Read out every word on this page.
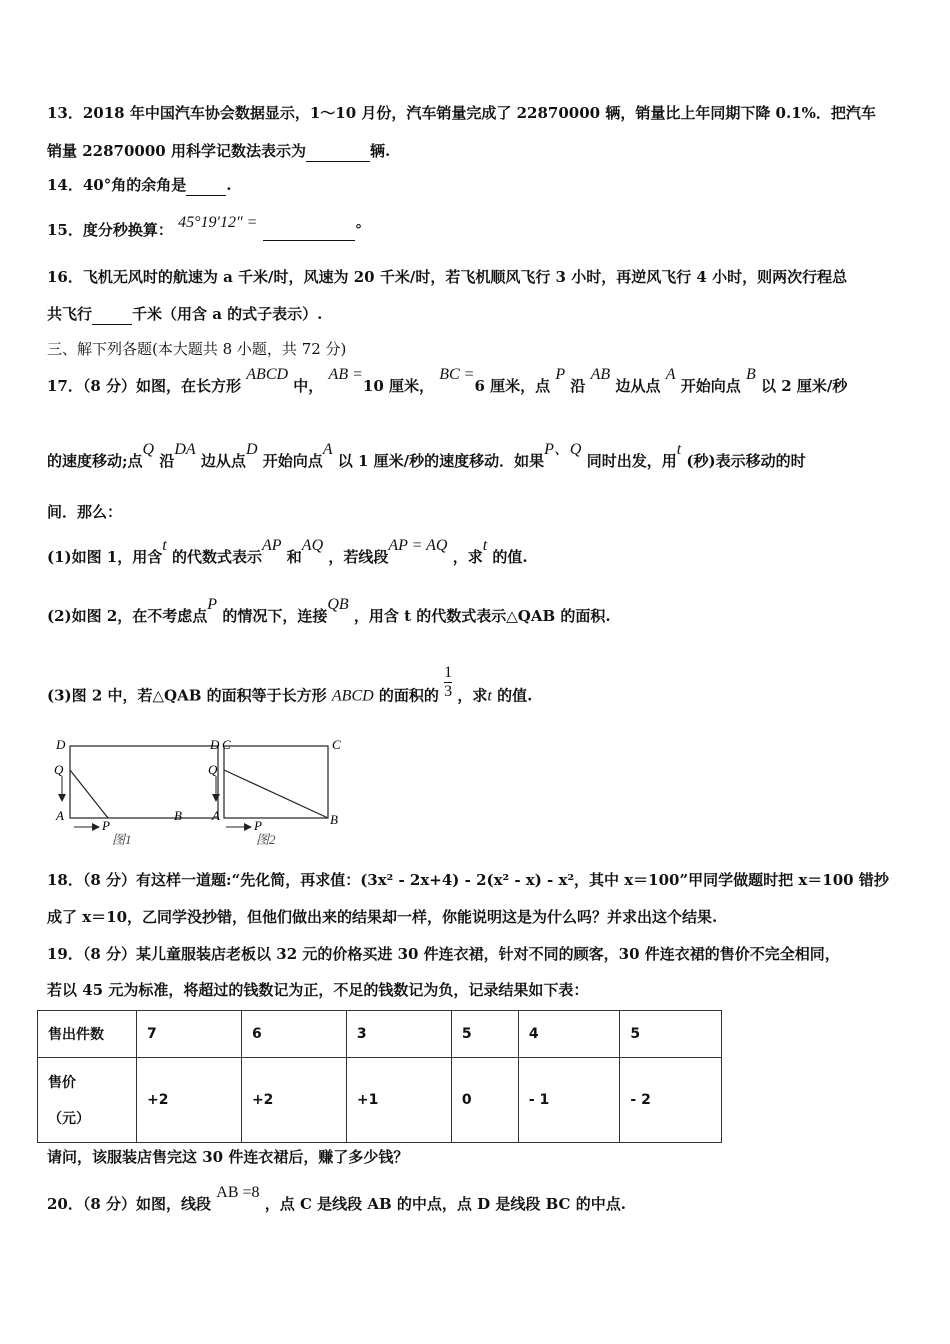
13．2018 年中国汽车协会数据显示，1～10 月份，汽车销量完成了 22870000 辆，销量比上年同期下降 0.1%．把汽车
销量 22870000 用科学记数法表示为	辆.
14．40°角的余角是	.
15．度分秒换算： 45°19′12″ =	°
16．飞机无风时的航速为 a 千米/时，风速为 20 千米/时，若飞机顺风飞行 3 小时，再逆风飞行 4 小时，则两次行程总
共飞行	千米（用含 a 的式子表示）.
三、解下列各题(本大题共 8 小题，共 72 分)
17．（8 分）如图，在长方形 ABCD 中， AB =10 厘米， BC =6 厘米，点 P 沿 AB 边从点 A 开始向点 B 以 2 厘米/秒
的速度移动;点Q 沿DA 边从点D 开始向点A 以 1 厘米/秒的速度移动．如果P、Q 同时出发，用t (秒)表示移动的时
间．那么：
(1)如图 1，用含t 的代数式表示AP 和AQ ，若线段AP = AQ ，求t 的值.
(2)如图 2，在不考虑点P 的情况下，连接QB ，用含 t 的代数式表示△QAB 的面积.
(3)图 2 中，若△QAB 的面积等于长方形 ABCD 的面积的 $\frac{1}{3}$ ，求t 的值.
D	C
Q
A
P
B
图1
D	C
Q
A
P	B
图2
18．（8 分）有这样一道题:“先化简，再求值：(3x² - 2x+4) - 2(x² - x) - x²，其中 x＝100”甲同学做题时把 x＝100 错抄
成了 x＝10，乙同学没抄错，但他们做出来的结果却一样，你能说明这是为什么吗？并求出这个结果.
19．（8 分）某儿童服装店老板以 32 元的价格买进 30 件连衣裙，针对不同的顾客，30 件连衣裙的售价不完全相同，
若以 45 元为标准，将超过的钱数记为正，不足的钱数记为负，记录结果如下表：
售出件数	7	6	3	5	4	5

售价
（元）	+2	+2	+1	0	- 1	- 2
请问，该服装店售完这 30 件连衣裙后，赚了多少钱？
20．（8 分）如图，线段 AB =8 ，点 C 是线段 AB 的中点，点 D 是线段 BC 的中点.
